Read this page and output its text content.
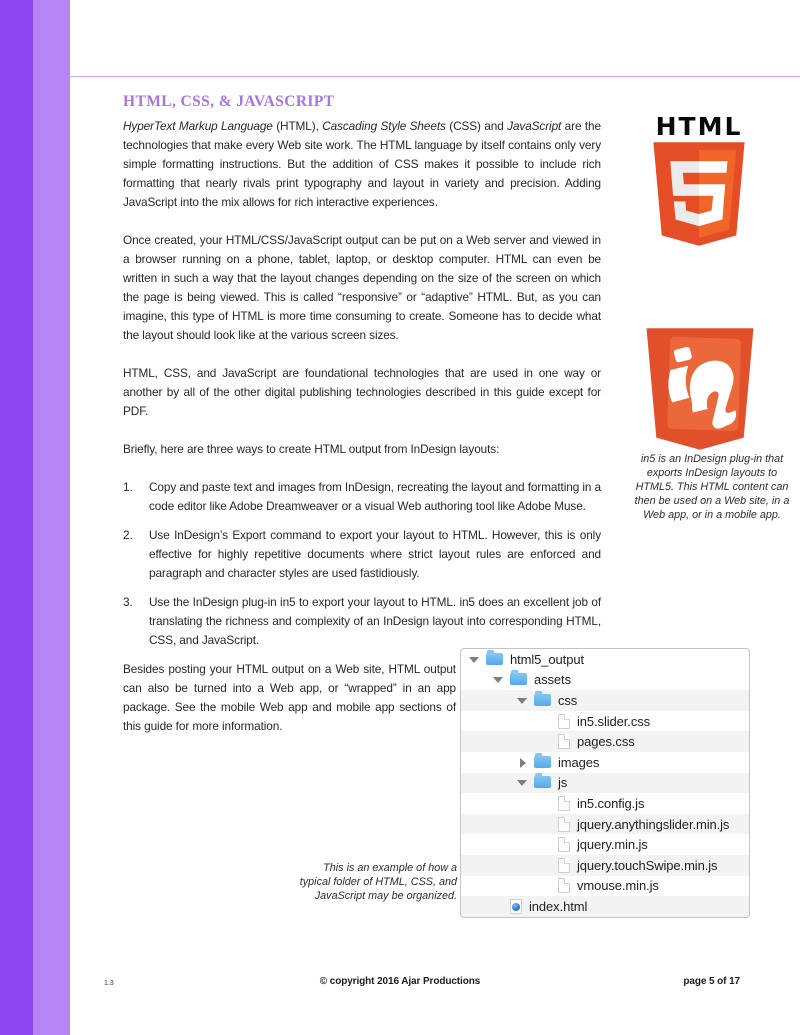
HTML, CSS, & JAVASCRIPT

HyperText Markup Language (HTML), Cascading Style Sheets (CSS) and JavaScript are the technologies that make every Web site work. The HTML language by itself contains only very simple formatting instructions. But the addition of CSS makes it possible to include rich formatting that nearly rivals print typography and layout in variety and precision. Adding JavaScript into the mix allows for rich interactive experiences.

Once created, your HTML/CSS/JavaScript output can be put on a Web server and viewed in a browser running on a phone, tablet, laptop, or desktop computer. HTML can even be written in such a way that the layout changes depending on the size of the screen on which the page is being viewed. This is called “responsive” or “adaptive” HTML. But, as you can imagine, this type of HTML is more time consuming to create. Someone has to decide what the layout should look like at the various screen sizes.

HTML, CSS, and JavaScript are foundational technologies that are used in one way or another by all of the other digital publishing technologies described in this guide except for PDF.

Briefly, here are three ways to create HTML output from InDesign layouts:

1.	Copy and paste text and images from InDesign, recreating the layout and formatting in a code editor like Adobe Dreamweaver or a visual Web authoring tool like Adobe Muse.
2.	Use InDesign’s Export command to export your layout to HTML. However, this is only effective for highly repetitive documents where strict layout rules are enforced and paragraph and character styles are used fastidiously.
3.	Use the InDesign plug-in in5 to export your layout to HTML. in5 does an excellent job of translating the richness and complexity of an InDesign layout into corresponding HTML, CSS, and JavaScript.

Besides posting your HTML output on a Web site, HTML output can also be turned into a Web app, or “wrapped” in an app package. See the mobile Web app and mobile app sections of this guide for more information.

HTML
in5 is an InDesign plug-in that exports InDesign layouts to HTML5. This HTML content can then be used on a Web site, in a Web app, or in a mobile app.
This is an example of how a typical folder of HTML, CSS, and JavaScript may be organized.
html5_output
assets
css
in5.slider.css
pages.css
images
js
in5.config.js
jquery.anythingslider.min.js
jquery.min.js
jquery.touchSwipe.min.js
vmouse.min.js
index.html
1.3	© copyright 2016 Ajar Productions	page 5 of 17
